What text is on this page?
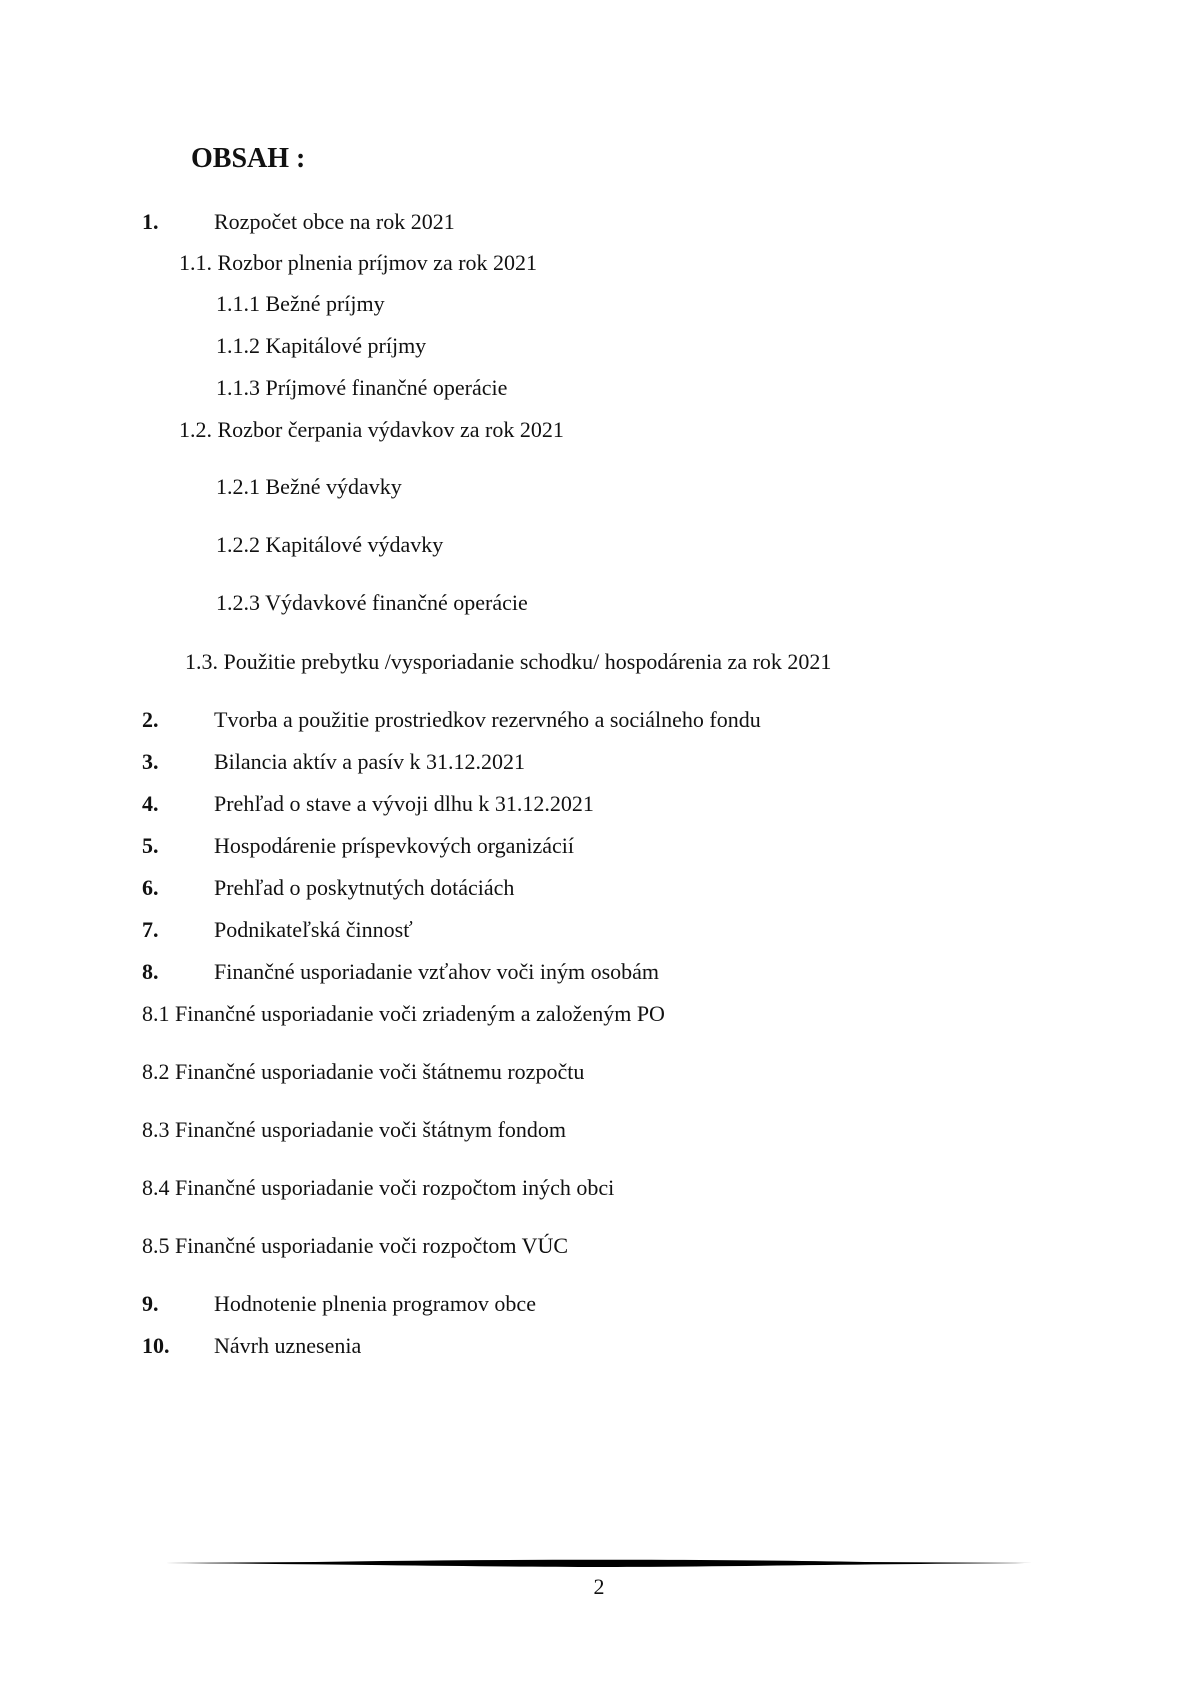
OBSAH :
1.	Rozpočet obce na rok 2021
1.1. Rozbor plnenia príjmov za rok 2021
1.1.1 Bežné príjmy
1.1.2 Kapitálové príjmy
1.1.3 Príjmové finančné operácie
1.2. Rozbor čerpania výdavkov za rok 2021
1.2.1 Bežné výdavky
1.2.2 Kapitálové výdavky
1.2.3 Výdavkové finančné operácie
1.3. Použitie prebytku /vysporiadanie schodku/ hospodárenia za rok 2021
2.	Tvorba a použitie prostriedkov rezervného a sociálneho fondu
3.	Bilancia aktív a pasív k 31.12.2021
4.	Prehľad o stave a vývoji dlhu k 31.12.2021
5.	Hospodárenie príspevkových organizácií
6.	Prehľad o poskytnutých dotáciách
7.	Podnikateľská činnosť
8.	Finančné usporiadanie vzťahov voči iným osobám
8.1 Finančné usporiadanie voči zriadeným a založeným PO
8.2 Finančné usporiadanie voči štátnemu rozpočtu
8.3 Finančné usporiadanie voči štátnym fondom
8.4 Finančné usporiadanie voči rozpočtom iných obci
8.5 Finančné usporiadanie voči rozpočtom VÚC
9.	Hodnotenie plnenia programov obce
10. Návrh uznesenia
2
